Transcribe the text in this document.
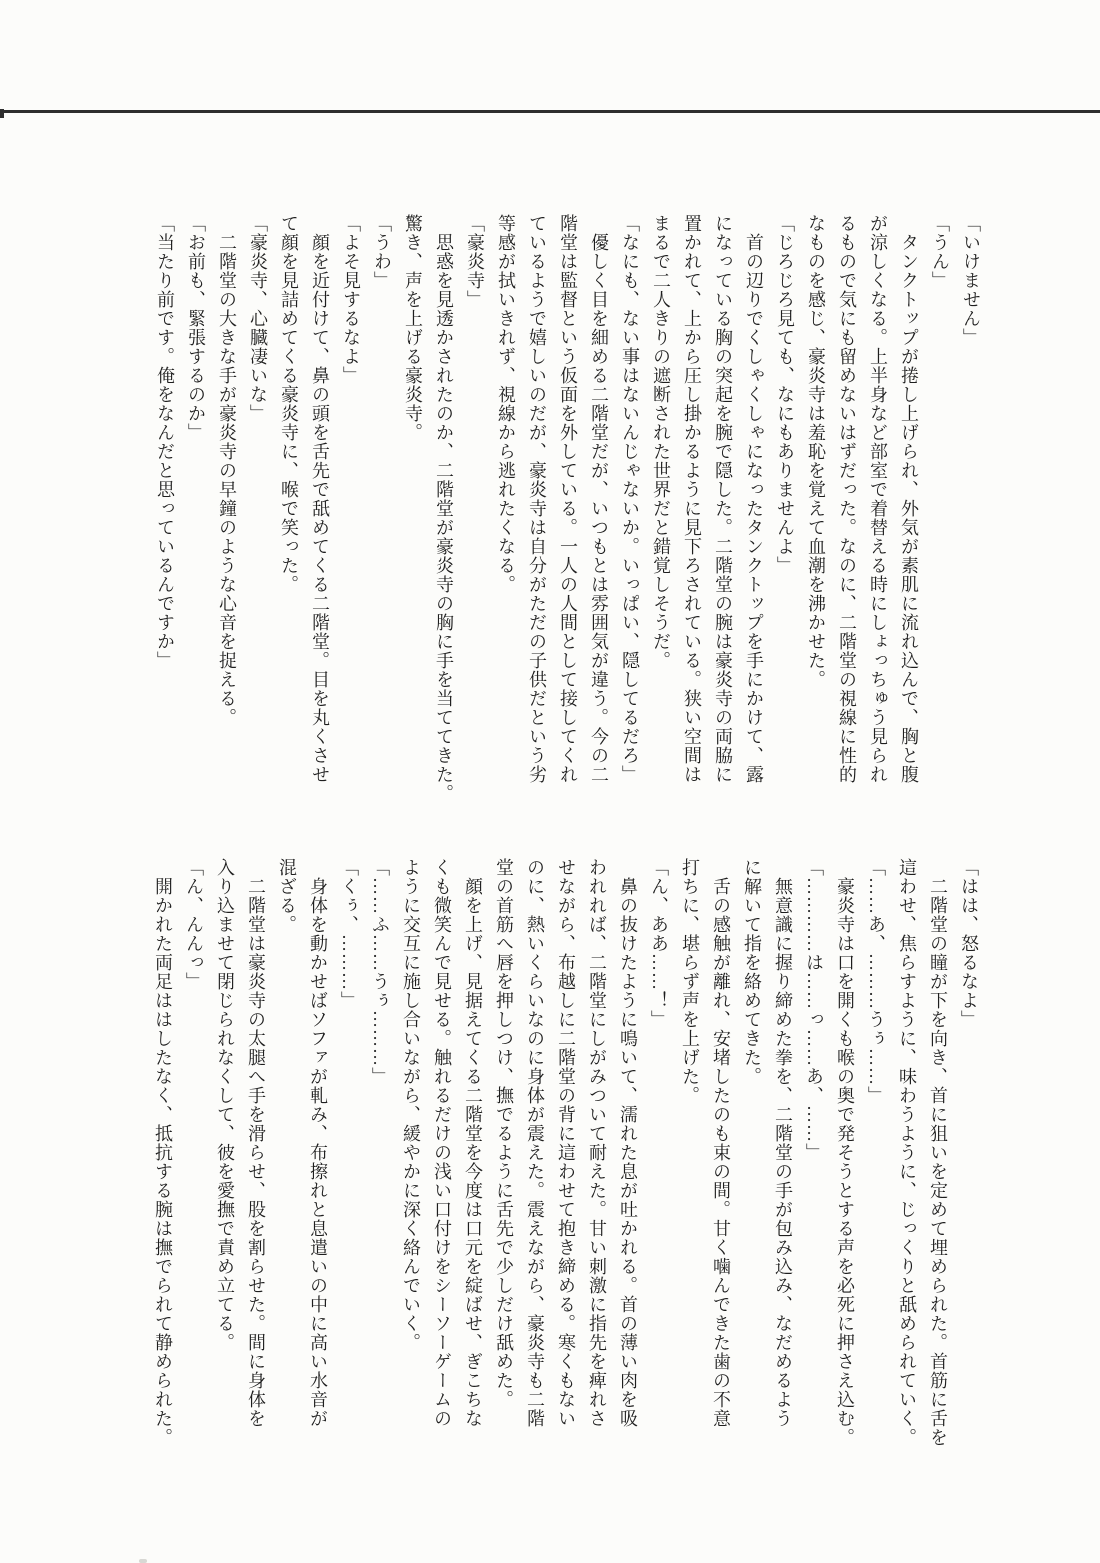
「いけません」
「うん」
　タンクトップが捲し上げられ、外気が素肌に流れ込んで、胸と腹
が涼しくなる。上半身など部室で着替える時にしょっちゅう見られ
るもので気にも留めないはずだった。なのに、二階堂の視線に性的
なものを感じ、豪炎寺は羞恥を覚えて血潮を沸かせた。
「じろじろ見ても、なにもありませんよ」
　首の辺りでくしゃくしゃになったタンクトップを手にかけて、露
になっている胸の突起を腕で隠した。二階堂の腕は豪炎寺の両脇に
置かれて、上から圧し掛かるように見下ろされている。狭い空間は
まるで二人きりの遮断された世界だと錯覚しそうだ。
「なにも、ない事はないんじゃないか。いっぱい、隠してるだろ」
　優しく目を細める二階堂だが、いつもとは雰囲気が違う。今の二
階堂は監督という仮面を外している。一人の人間として接してくれ
ているようで嬉しいのだが、豪炎寺は自分がただの子供だという劣
等感が拭いきれず、視線から逃れたくなる。
「豪炎寺」
　思惑を見透かされたのか、二階堂が豪炎寺の胸に手を当ててきた。
驚き、声を上げる豪炎寺。
「うわ」
「よそ見するなよ」
　顔を近付けて、鼻の頭を舌先で舐めてくる二階堂。目を丸くさせ
て顔を見詰めてくる豪炎寺に、喉で笑った。
「豪炎寺、心臓凄いな」
　二階堂の大きな手が豪炎寺の早鐘のような心音を捉える。
「お前も、緊張するのか」
「当たり前です。俺をなんだと思っているんですか」
「はは、怒るなよ」
　二階堂の瞳が下を向き、首に狙いを定めて埋められた。首筋に舌を
這わせ、焦らすように、味わうように、じっくりと舐められていく。
「……あ、………うぅ……」
　豪炎寺は口を開くも喉の奥で発そうとする声を必死に押さえ込む。
「…………は……っ……あ、……」
　無意識に握り締めた拳を、二階堂の手が包み込み、なだめるよう
に解いて指を絡めてきた。
　舌の感触が離れ、安堵したのも束の間。甘く噛んできた歯の不意
打ちに、堪らず声を上げた。
「ん、ああ……！」
　鼻の抜けたように鳴いて、濡れた息が吐かれる。首の薄い肉を吸
われれば、二階堂にしがみついて耐えた。甘い刺激に指先を痺れさ
せながら、布越しに二階堂の背に這わせて抱き締める。寒くもない
のに、熱いくらいなのに身体が震えた。震えながら、豪炎寺も二階
堂の首筋へ唇を押しつけ、撫でるように舌先で少しだけ舐めた。
　顔を上げ、見据えてくる二階堂を今度は口元を綻ばせ、ぎこちな
くも微笑んで見せる。触れるだけの浅い口付けをシーソーゲームの
ように交互に施し合いながら、緩やかに深く絡んでいく。
「……ふ……うぅ………」
「くぅ、………」
　身体を動かせばソファが軋み、布擦れと息遣いの中に高い水音が
混ざる。
　二階堂は豪炎寺の太腿へ手を滑らせ、股を割らせた。間に身体を
入り込ませて閉じられなくして、彼を愛撫で責め立てる。
「ん、んんっ」
　開かれた両足ははしたなく、抵抗する腕は撫でられて静められた。
